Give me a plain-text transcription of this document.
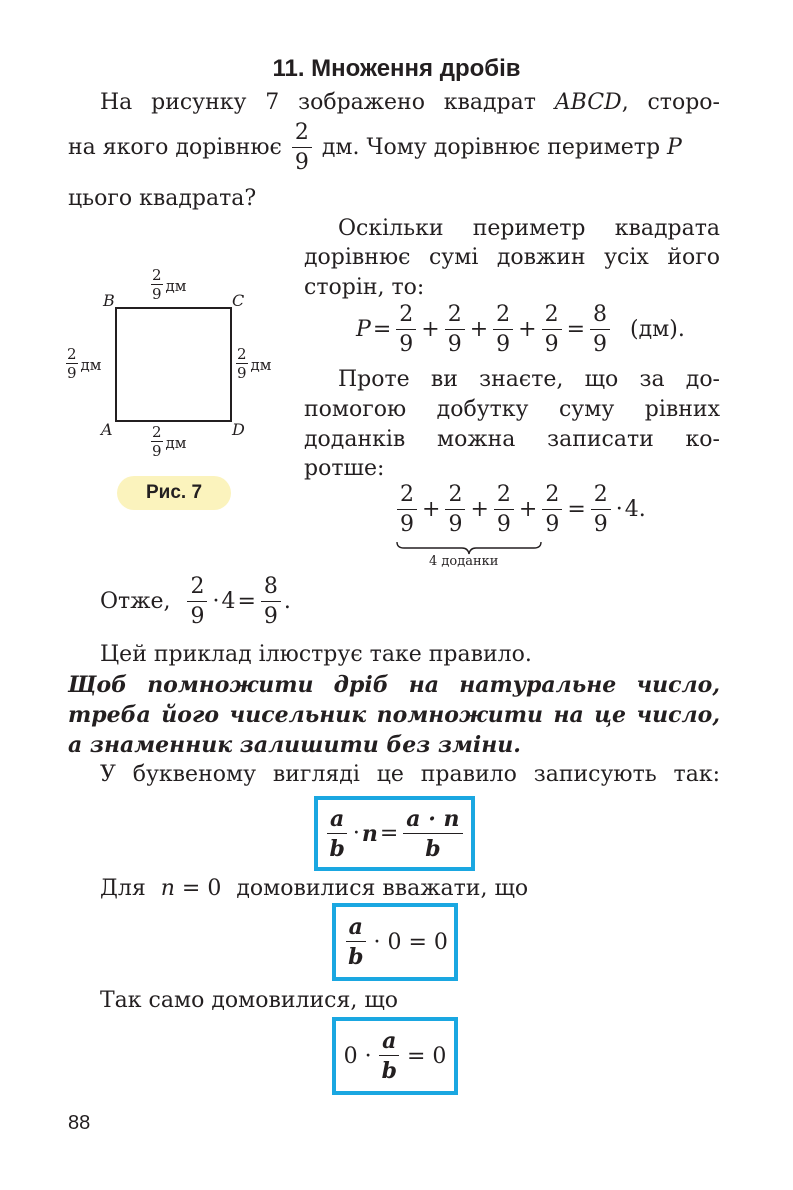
11. Множення дробів
На рисунку 7 зображено квадрат ABCD, сторо-
на якого дорівнює $\frac{2}{9}$ дм. Чому дорівнює периметр P
цього квадрата?
B	C
A	D
$\frac{2}{9}$ дм
$\frac{2}{9}$ дм	$\frac{2}{9}$ дм
$\frac{2}{9}$ дм
Рис. 7
Оскільки периметр квадрата
дорівнює сумі довжин усіх його
сторін, то:
$P= \frac{2}{9} + \frac{2}{9} + \frac{2}{9} + \frac{2}{9} = \frac{8}{9} (дм)$.
Проте ви знаєте, що за до-
помогою добутку суму рівних
доданків можна записати ко-
ротше:
$\frac{2}{9} + \frac{2}{9} + \frac{2}{9} + \frac{2}{9} = \frac{2}{9} \cdot 4$.
4 доданки
Отже, $\frac{2}{9} \cdot 4= \frac{8}{9}$ .
Цей приклад ілюструє таке правило.
Щоб помножити дріб на натуральне число,
треба його чисельник помножити на це число,
а знаменник залишити без зміни.
У буквеному вигляді це правило записують так:
$\frac{a}{b} \cdot n = \frac{a \cdot n}{b}$
Для n = 0 домовилися вважати, що
$\frac{a}{b} \cdot 0 = 0$
Так само домовилися, що
$0 \cdot \frac{a}{b} = 0$
88
